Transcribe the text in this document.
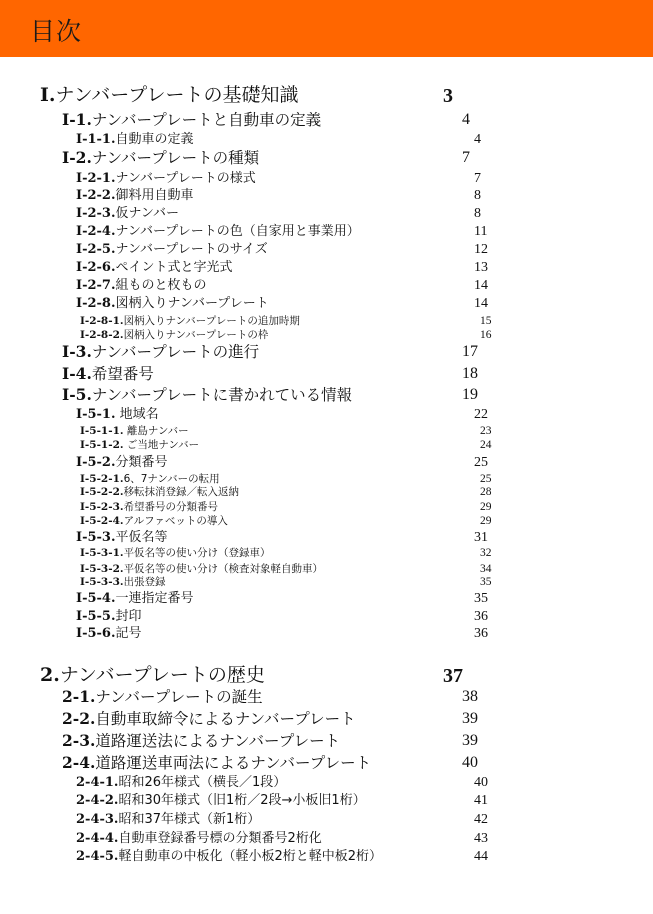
目次
I.ナンバープレートの基礎知識	3
I-1.ナンバープレートと自動車の定義	4
I-1-1.自動車の定義	4
I-2.ナンバープレートの種類	7
I-2-1.ナンバープレートの様式	7
I-2-2.御料用自動車	8
I-2-3.仮ナンバー	8
I-2-4.ナンバープレートの色（自家用と事業用）	11
I-2-5.ナンバープレートのサイズ	12
I-2-6.ペイント式と字光式	13
I-2-7.組ものと枚もの	14
I-2-8.図柄入りナンバープレート	14
I-2-8-1.図柄入りナンバープレートの追加時期	15
I-2-8-2.図柄入りナンバープレートの枠	16
I-3.ナンバープレートの進行	17
I-4.希望番号	18
I-5.ナンバープレートに書かれている情報	19
I-5-1. 地域名	22
I-5-1-1. 離島ナンバー	23
I-5-1-2. ご当地ナンバー	24
I-5-2.分類番号	25
I-5-2-1.6、7ナンバーの転用	25
I-5-2-2.移転抹消登録／転入返納	28
I-5-2-3.希望番号の分類番号	29
I-5-2-4.アルファベットの導入	29
I-5-3.平仮名等	31
I-5-3-1.平仮名等の使い分け（登録車）	32
I-5-3-2.平仮名等の使い分け（検査対象軽自動車）	34
I-5-3-3.出張登録	35
I-5-4.一連指定番号	35
I-5-5.封印	36
I-5-6.記号	36
2.ナンバープレートの歴史	37
2-1.ナンバープレートの誕生	38
2-2.自動車取締令によるナンバープレート	39
2-3.道路運送法によるナンバープレート	39
2-4.道路運送車両法によるナンバープレート	40
2-4-1.昭和26年様式（横長／1段）	40
2-4-2.昭和30年様式（旧1桁／2段→小板旧1桁）	41
2-4-3.昭和37年様式（新1桁）	42
2-4-4.自動車登録番号標の分類番号2桁化	43
2-4-5.軽自動車の中板化（軽小板2桁と軽中板2桁）	44
